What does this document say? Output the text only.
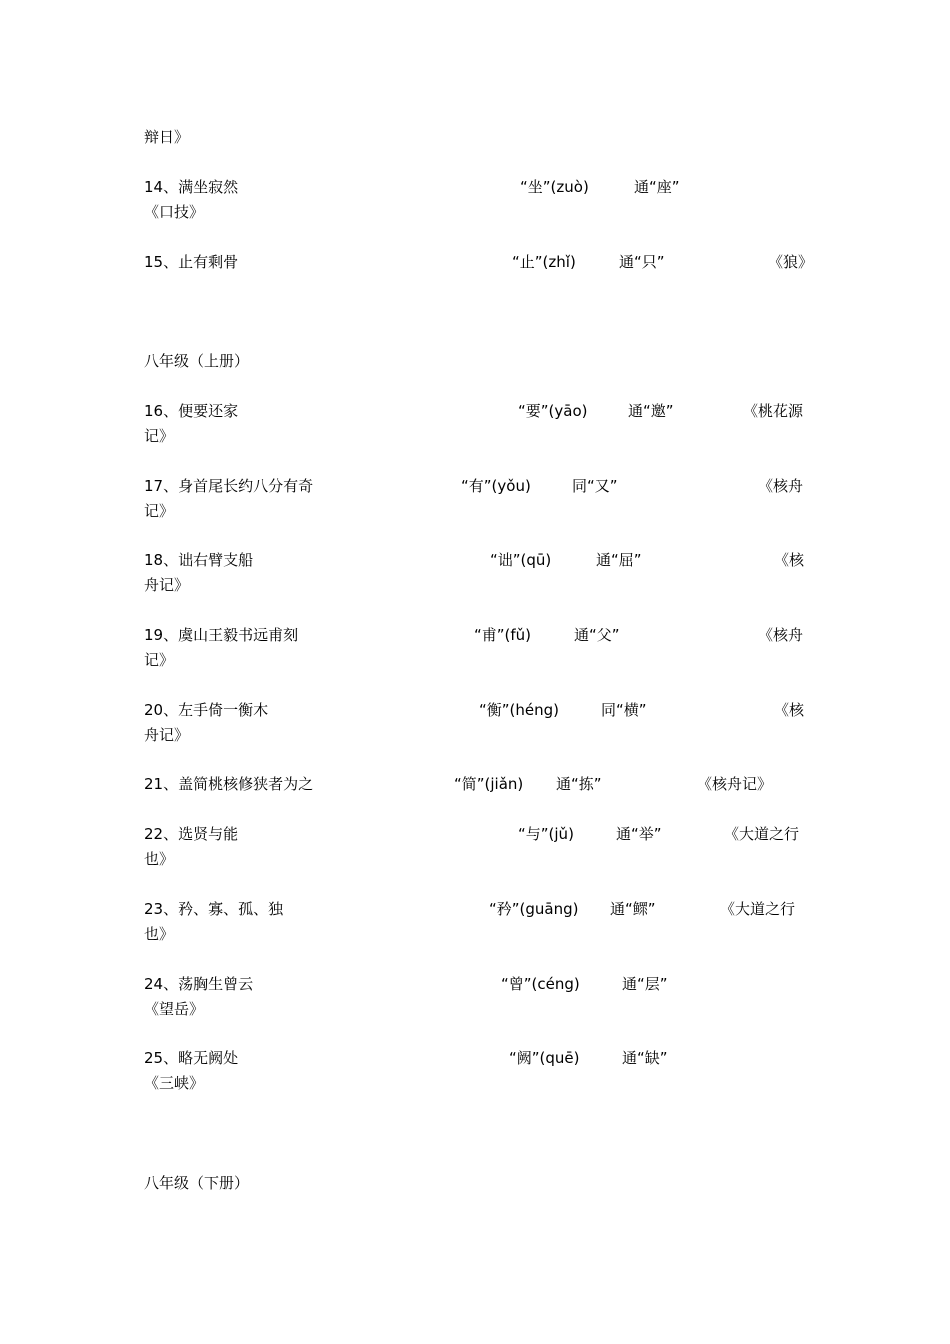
辩日》
14、满坐寂然	“坐”(zuò)	通“座”
《口技》
15、止有剩骨	“止”(zhǐ)	通“只”	《狼》
八年级（上册）
16、便要还家	“要”(yāo)	通“邀”	《桃花源
记》
17、身首尾长约八分有奇	“有”(yǒu)	同“又”	《核舟
记》
18、诎右臂支船	“诎”(qū)	通“屈”	《核
舟记》
19、虞山王毅书远甫刻	“甫”(fǔ)	通“父”	《核舟
记》
20、左手倚一衡木	“衡”(héng)	同“横”	《核
舟记》
21、盖简桃核修狭者为之	“简”(jiǎn) 通“拣”	《核舟记》
22、选贤与能	“与”(jǔ)	通“举”	《大道之行
也》
23、矜、寡、孤、独	“矜”(guāng) 通“鳏”	《大道之行
也》
24、荡胸生曾云	“曾”(céng)	通“层”
《望岳》
25、略无阙处	“阙”(quē)	通“缺”
《三峡》
八年级（下册）
